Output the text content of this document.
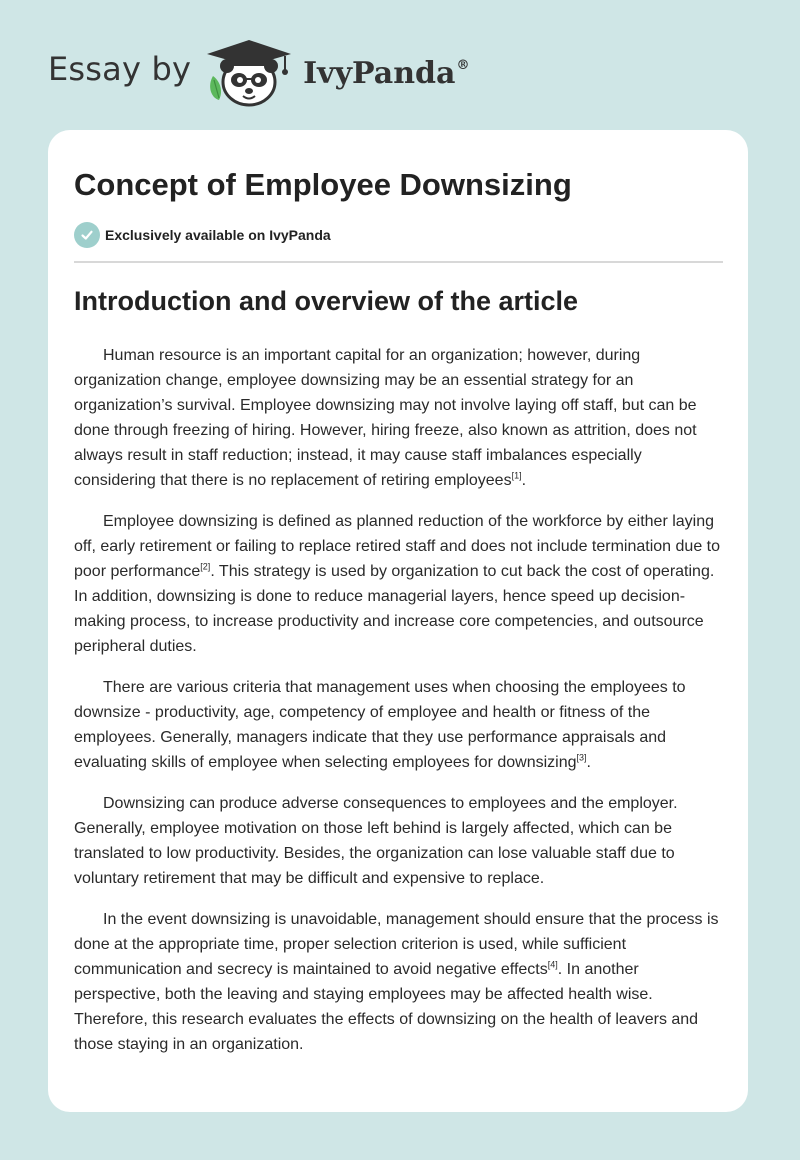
Essay by	IvyPanda®
Concept of Employee Downsizing
Exclusively available on IvyPanda
Introduction and overview of the article

Human resource is an important capital for an organization; however, during organization change, employee downsizing may be an essential strategy for an organization’s survival. Employee downsizing may not involve laying off staff, but can be done through freezing of hiring. However, hiring freeze, also known as attrition, does not always result in staff reduction; instead, it may cause staff imbalances especially considering that there is no replacement of retiring employees[1].

Employee downsizing is defined as planned reduction of the workforce by either laying off, early retirement or failing to replace retired staff and does not include termination due to poor performance[2]. This strategy is used by organization to cut back the cost of operating. In addition, downsizing is done to reduce managerial layers, hence speed up decision-making process, to increase productivity and increase core competencies, and outsource peripheral duties.

There are various criteria that management uses when choosing the employees to downsize - productivity, age, competency of employee and health or fitness of the employees. Generally, managers indicate that they use performance appraisals and evaluating skills of employee when selecting employees for downsizing[3].

Downsizing can produce adverse consequences to employees and the employer. Generally, employee motivation on those left behind is largely affected, which can be translated to low productivity. Besides, the organization can lose valuable staff due to voluntary retirement that may be difficult and expensive to replace.

In the event downsizing is unavoidable, management should ensure that the process is done at the appropriate time, proper selection criterion is used, while sufficient communication and secrecy is maintained to avoid negative effects[4]. In another perspective, both the leaving and staying employees may be affected health wise. Therefore, this research evaluates the effects of downsizing on the health of leavers and those staying in an organization.
